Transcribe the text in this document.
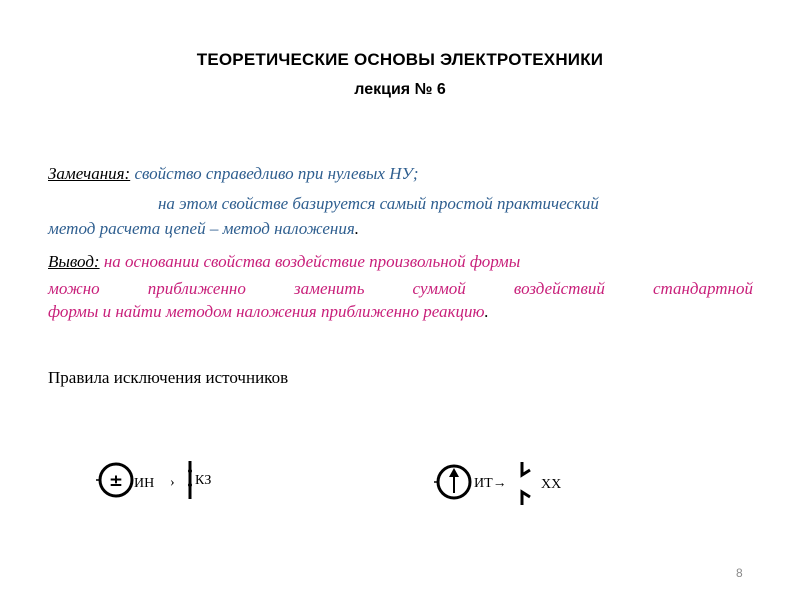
ТЕОРЕТИЧЕСКИЕ ОСНОВЫ ЭЛЕКТРОТЕХНИКИ
лекция № 6
Замечания: свойство справедливо при нулевых НУ;
на этом свойстве базируется самый простой практический
метод расчета цепей – метод наложения.
Вывод: на основании свойства воздействие произвольной формы
можно приближенно заменить суммой воздействий стандартной
формы и найти методом наложения приближенно реакцию.
Правила исключения источников
± ИН › КЗ	ИТ→ ХХ
8
